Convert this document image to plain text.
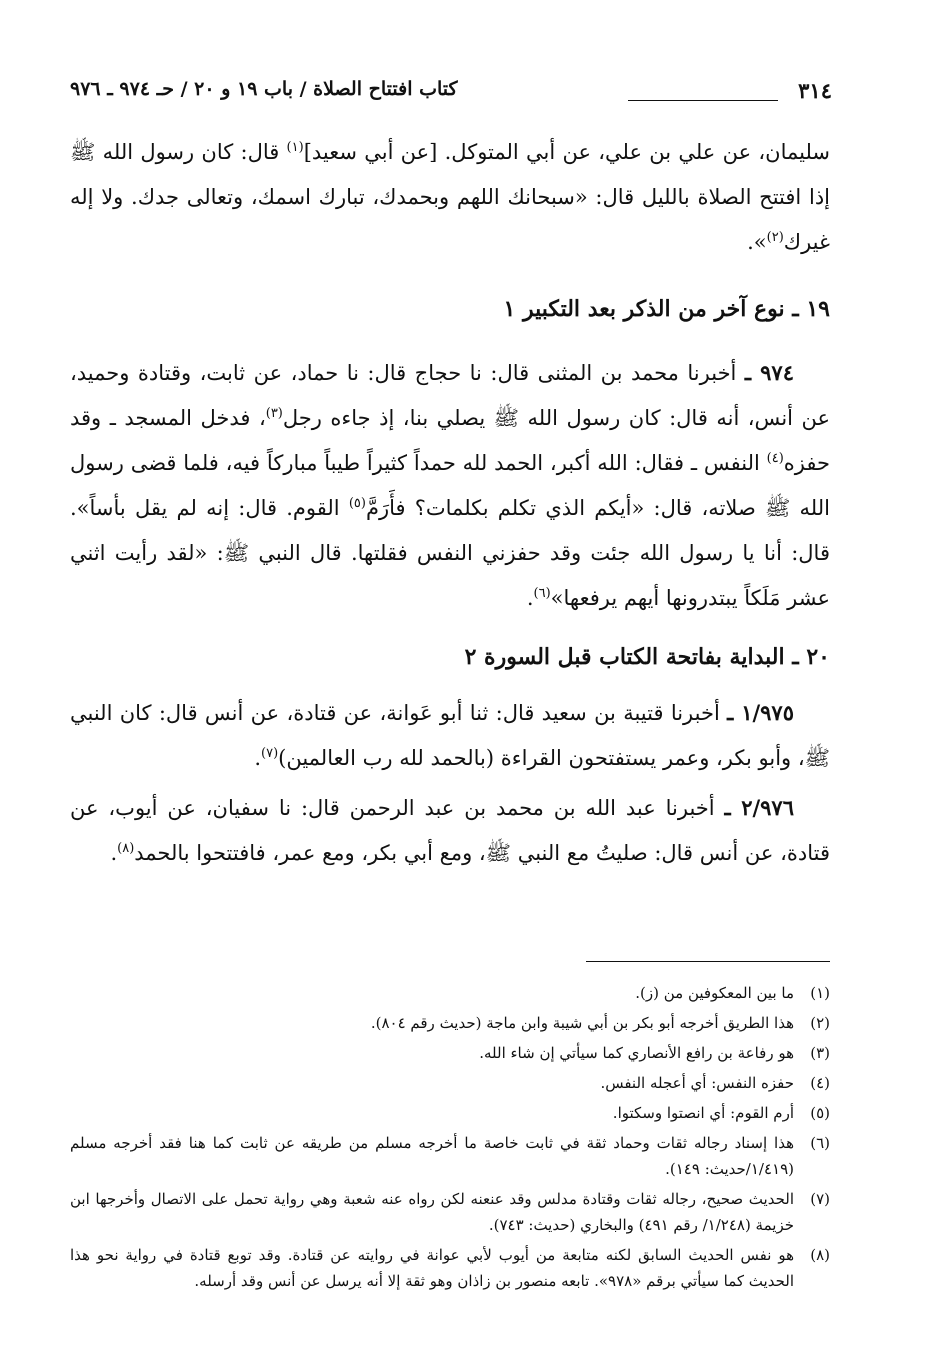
٣١٤
كتاب افتتاح الصلاة / باب ١٩ و ٢٠ / حـ ٩٧٤ ـ ٩٧٦

سليمان، عن علي بن علي، عن أبي المتوكل. [عن أبي سعيد]$^{(١)}$ قال: كان رسول الله ﷺ إذا افتتح الصلاة بالليل قال: «سبحانك اللهم وبحمدك، تبارك اسمك، وتعالى جدك. ولا إله غيرك$^{(٢)}$».

١٩ ـ نوع آخر من الذكر بعد التكبير ١

٩٧٤ ـ أخبرنا محمد بن المثنى قال: نا حجاج قال: نا حماد، عن ثابت، وقتادة وحميد، عن أنس، أنه قال: كان رسول الله ﷺ يصلي بنا، إذ جاءه رجل$^{(٣)}$، فدخل المسجد ـ وقد حفزه$^{(٤)}$ النفس ـ فقال: الله أكبر، الحمد لله حمداً كثيراً طيباً مباركاً فيه، فلما قضى رسول الله ﷺ صلاته، قال: «أيكم الذي تكلم بكلمات؟ فأَرَمَّ$^{(٥)}$ القوم. قال: إنه لم يقل بأساً». قال: أنا يا رسول الله جئت وقد حفزني النفس فقلتها. قال النبي ﷺ: «لقد رأيت اثني عشر مَلَكاً يبتدرونها أيهم يرفعها»$^{(٦)}$.

٢٠ ـ البداية بفاتحة الكتاب قبل السورة ٢

١/٩٧٥ ـ أخبرنا قتيبة بن سعيد قال: ثنا أبو عَوانة، عن قتادة، عن أنس قال: كان النبي ﷺ، وأبو بكر، وعمر يستفتحون القراءة (بالحمد لله رب العالمين)$^{(٧)}$.

٢/٩٧٦ ـ أخبرنا عبد الله بن محمد بن عبد الرحمن قال: نا سفيان، عن أيوب، عن قتادة، عن أنس قال: صليتُ مع النبي ﷺ، ومع أبي بكر، ومع عمر، فافتتحوا بالحمد$^{(٨)}$.

(١)
ما بين المعكوفين من (ز).
(٢)
هذا الطريق أخرجه أبو بكر بن أبي شيبة وابن ماجة (حديث رقم ٨٠٤).
(٣)
هو رفاعة بن رافع الأنصاري كما سيأتي إن شاء الله.
(٤)
حفزه النفس: أي أعجله النفس.
(٥)
أرم القوم: أي انصتوا وسكتوا.
(٦)
هذا إسناد رجاله ثقات وحماد ثقة في ثابت خاصة ما أخرجه مسلم من طريقه عن ثابت كما هنا فقد أخرجه مسلم (١/٤١٩/حديث: ١٤٩).
(٧)
الحديث صحيح، رجاله ثقات وقتادة مدلس وقد عنعنه لكن رواه عنه شعبة وهي رواية تحمل على الاتصال وأخرجها ابن خزيمة (١/٢٤٨/ رقم ٤٩١) والبخاري (حديث: ٧٤٣).
(٨)
هو نفس الحديث السابق لكنه متابعة من أيوب لأبي عوانة في روايته عن قتادة. وقد توبع قتادة في رواية نحو هذا الحديث كما سيأتي برقم «٩٧٨». تابعه منصور بن زاذان وهو ثقة إلا أنه يرسل عن أنس وقد أرسله.
